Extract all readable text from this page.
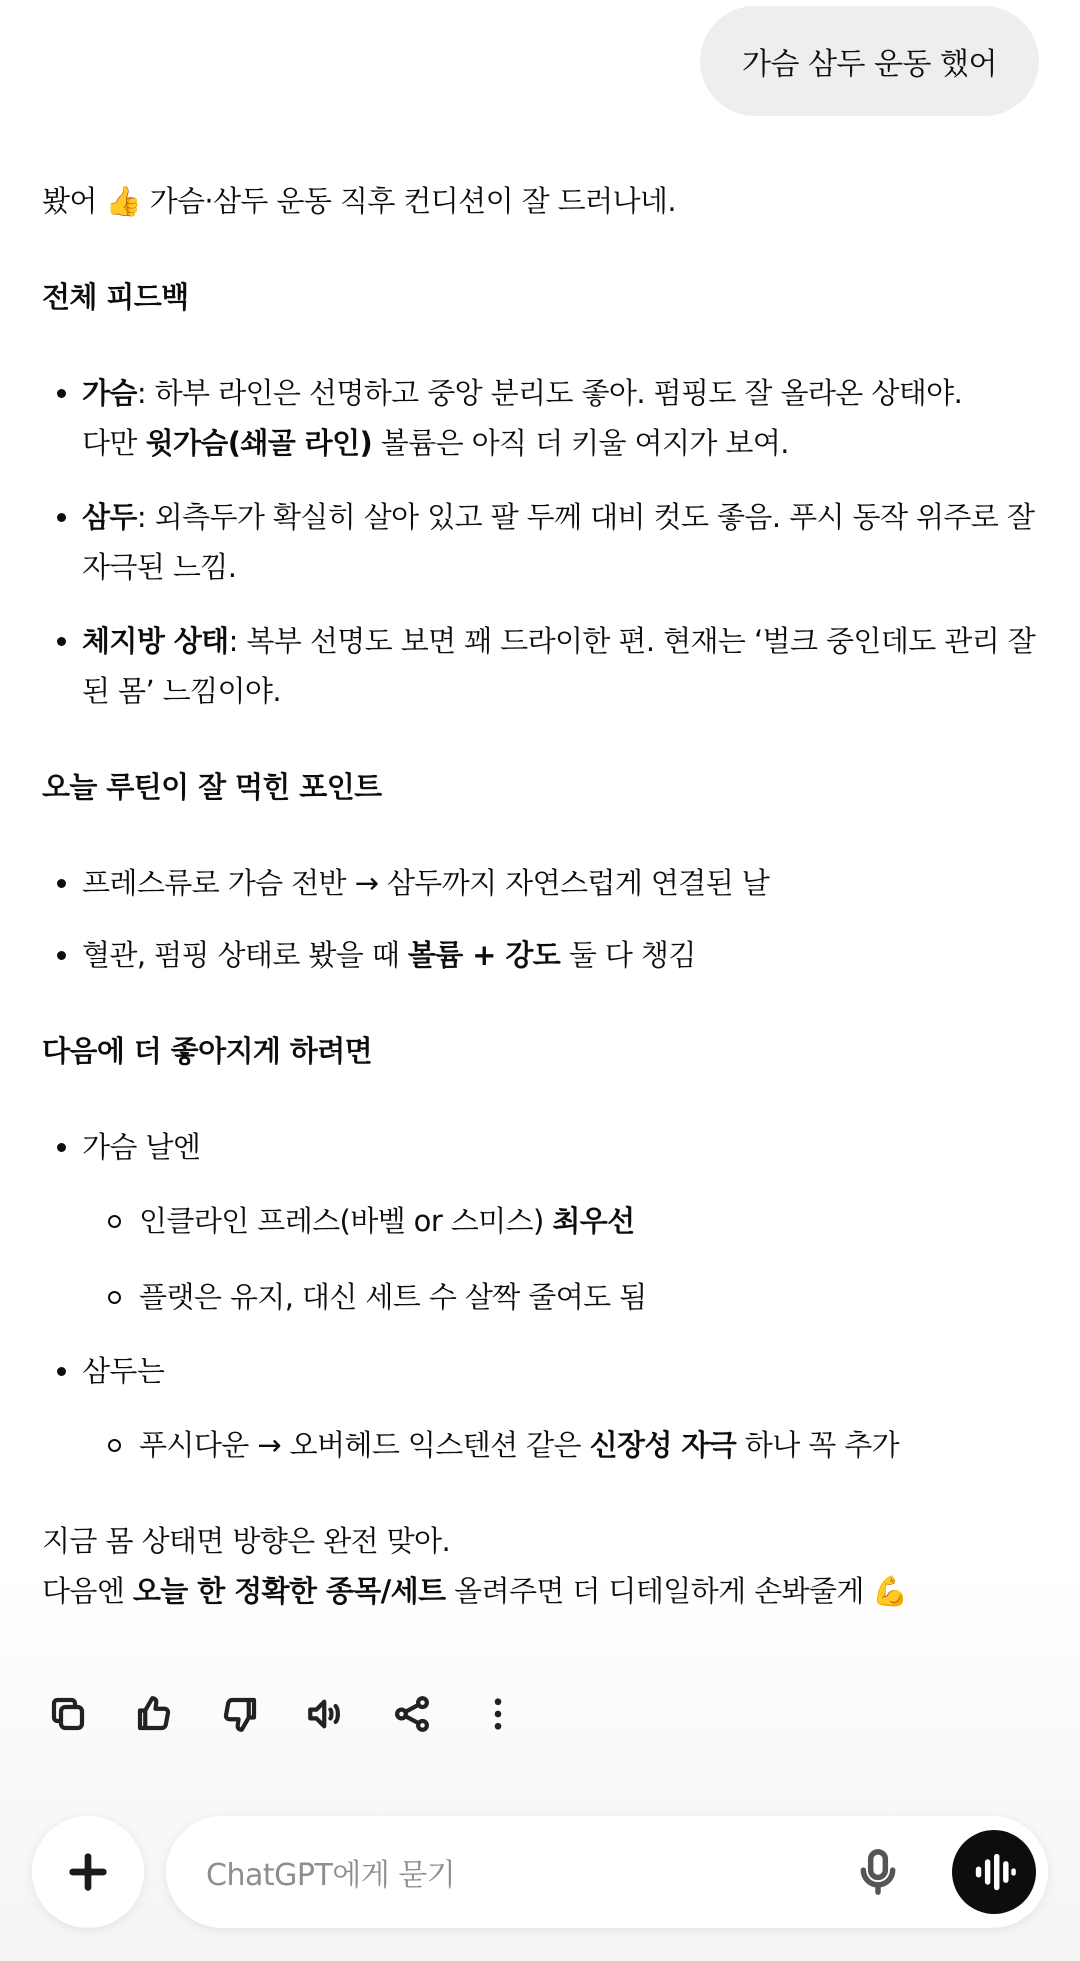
가슴 삼두 운동 했어

봤어 👍 가슴·삼두 운동 직후 컨디션이 잘 드러나네.

전체 피드백

가슴: 하부 라인은 선명하고 중앙 분리도 좋아. 펌핑도 잘 올라온 상태야.
다만 윗가슴(쇄골 라인) 볼륨은 아직 더 키울 여지가 보여.
삼두: 외측두가 확실히 살아 있고 팔 두께 대비 컷도 좋음. 푸시 동작 위주로 잘 자극된 느낌.
체지방 상태: 복부 선명도 보면 꽤 드라이한 편. 현재는 ‘벌크 중인데도 관리 잘 된 몸’ 느낌이야.

오늘 루틴이 잘 먹힌 포인트

프레스류로 가슴 전반 → 삼두까지 자연스럽게 연결된 날
혈관, 펌핑 상태로 봤을 때 볼륨 + 강도 둘 다 챙김

다음에 더 좋아지게 하려면

가슴 날엔
인클라인 프레스(바벨 or 스미스) 최우선
플랫은 유지, 대신 세트 수 살짝 줄여도 됨
삼두는
푸시다운 → 오버헤드 익스텐션 같은 신장성 자극 하나 꼭 추가

지금 몸 상태면 방향은 완전 맞아.
다음엔 오늘 한 정확한 종목/세트 올려주면 더 디테일하게 손봐줄게 💪

ChatGPT에게 묻기
